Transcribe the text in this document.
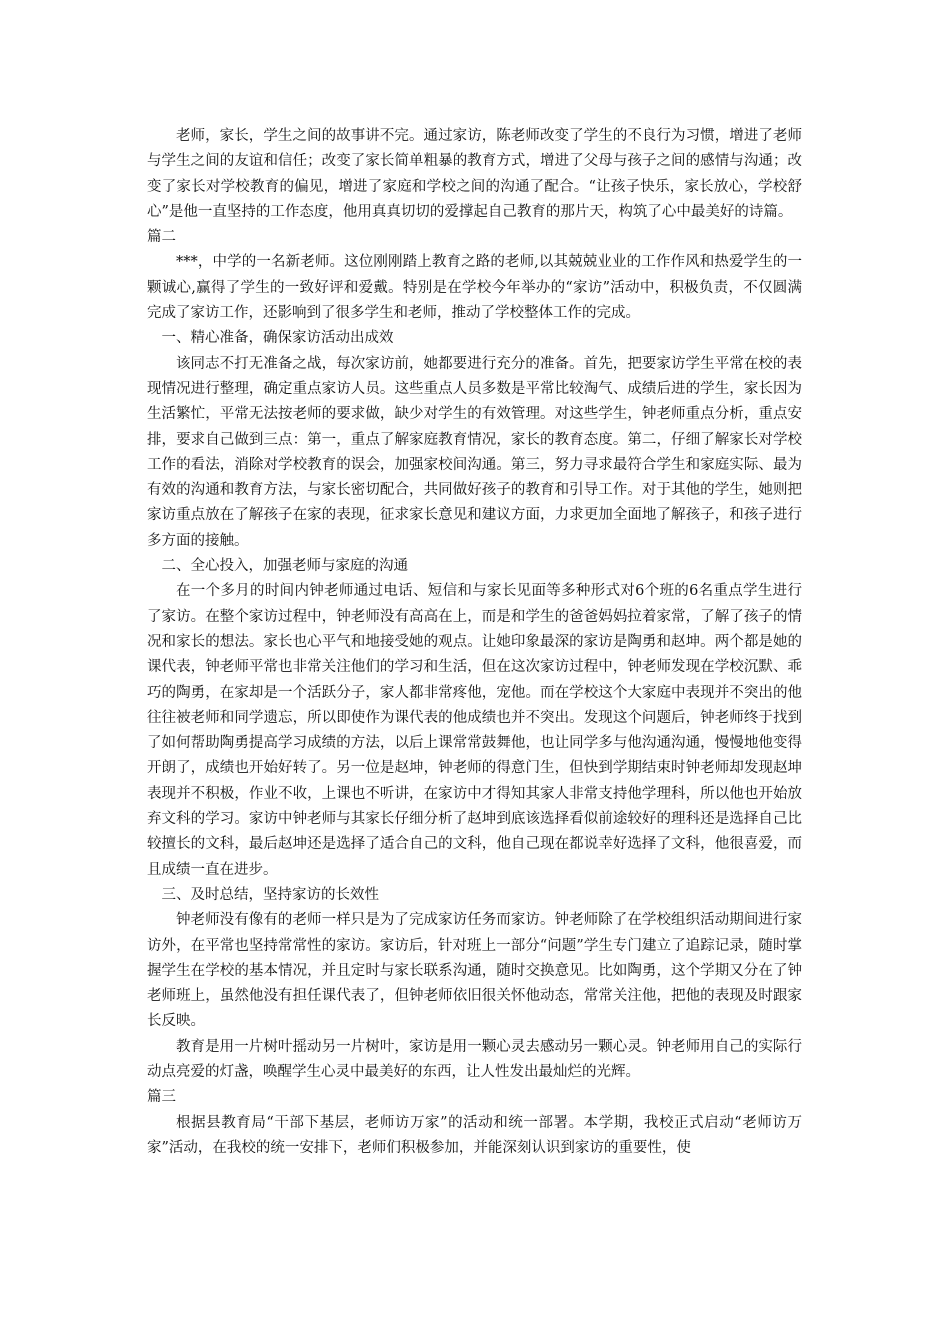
老师，家长，学生之间的故事讲不完。通过家访，陈老师改变了学生的不良行为习惯，增进了老师与学生之间的友谊和信任；改变了家长简单粗暴的教育方式，增进了父母与孩子之间的感情与沟通；改变了家长对学校教育的偏见，增进了家庭和学校之间的沟通了配合。“让孩子快乐，家长放心，学校舒心”是他一直坚持的工作态度，他用真真切切的爱撑起自己教育的那片天，构筑了心中最美好的诗篇。

篇二

***，中学的一名新老师。这位刚刚踏上教育之路的老师,以其兢兢业业的工作作风和热爱学生的一颗诚心,赢得了学生的一致好评和爱戴。特别是在学校今年举办的“家访”活动中，积极负责，不仅圆满完成了家访工作，还影响到了很多学生和老师，推动了学校整体工作的完成。

一、精心准备，确保家访活动出成效

该同志不打无准备之战，每次家访前，她都要进行充分的准备。首先，把要家访学生平常在校的表现情况进行整理，确定重点家访人员。这些重点人员多数是平常比较淘气、成绩后进的学生，家长因为生活繁忙，平常无法按老师的要求做，缺少对学生的有效管理。对这些学生，钟老师重点分析，重点安排，要求自己做到三点：第一，重点了解家庭教育情况，家长的教育态度。第二，仔细了解家长对学校工作的看法，消除对学校教育的误会，加强家校间沟通。第三，努力寻求最符合学生和家庭实际、最为有效的沟通和教育方法，与家长密切配合，共同做好孩子的教育和引导工作。对于其他的学生，她则把家访重点放在了解孩子在家的表现，征求家长意见和建议方面，力求更加全面地了解孩子，和孩子进行多方面的接触。

二、全心投入，加强老师与家庭的沟通

在一个多月的时间内钟老师通过电话、短信和与家长见面等多种形式对6个班的6名重点学生进行了家访。在整个家访过程中，钟老师没有高高在上，而是和学生的爸爸妈妈拉着家常，了解了孩子的情况和家长的想法。家长也心平气和地接受她的观点。让她印象最深的家访是陶勇和赵坤。两个都是她的课代表，钟老师平常也非常关注他们的学习和生活，但在这次家访过程中，钟老师发现在学校沉默、乖巧的陶勇，在家却是一个活跃分子，家人都非常疼他，宠他。而在学校这个大家庭中表现并不突出的他往往被老师和同学遗忘，所以即使作为课代表的他成绩也并不突出。发现这个问题后，钟老师终于找到了如何帮助陶勇提高学习成绩的方法，以后上课常常鼓舞他，也让同学多与他沟通沟通，慢慢地他变得开朗了，成绩也开始好转了。另一位是赵坤，钟老师的得意门生，但快到学期结束时钟老师却发现赵坤表现并不积极，作业不收，上课也不听讲，在家访中才得知其家人非常支持他学理科，所以他也开始放弃文科的学习。家访中钟老师与其家长仔细分析了赵坤到底该选择看似前途较好的理科还是选择自己比较擅长的文科，最后赵坤还是选择了适合自己的文科，他自己现在都说幸好选择了文科，他很喜爱，而且成绩一直在进步。

三、及时总结，坚持家访的长效性

钟老师没有像有的老师一样只是为了完成家访任务而家访。钟老师除了在学校组织活动期间进行家访外，在平常也坚持常常性的家访。家访后，针对班上一部分“问题”学生专门建立了追踪记录，随时掌握学生在学校的基本情况，并且定时与家长联系沟通，随时交换意见。比如陶勇，这个学期又分在了钟老师班上，虽然他没有担任课代表了，但钟老师依旧很关怀他动态，常常关注他，把他的表现及时跟家长反映。

教育是用一片树叶摇动另一片树叶，家访是用一颗心灵去感动另一颗心灵。钟老师用自己的实际行动点亮爱的灯盏，唤醒学生心灵中最美好的东西，让人性发出最灿烂的光辉。

篇三

根据县教育局“干部下基层，老师访万家”的活动和统一部署。本学期，我校正式启动“老师访万家”活动，在我校的统一安排下，老师们积极参加，并能深刻认识到家访的重要性，使
